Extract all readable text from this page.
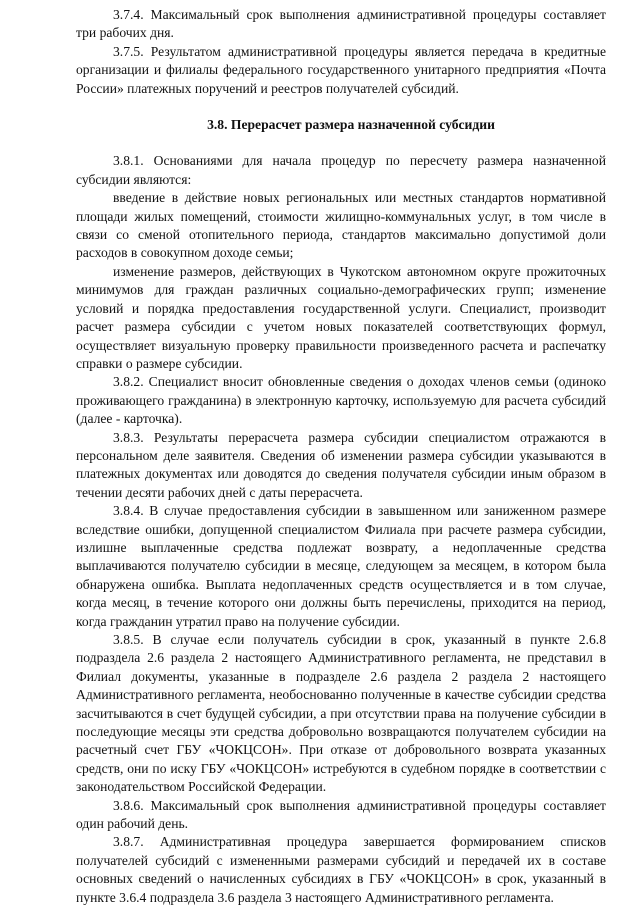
3.7.4. Максимальный срок выполнения административной процедуры составляет три рабочих дня.

3.7.5. Результатом административной процедуры является передача в кредитные организации и филиалы федерального государственного унитарного предприятия «Почта России» платежных поручений и реестров получателей субсидий.

3.8. Перерасчет размера назначенной субсидии

3.8.1. Основаниями для начала процедур по пересчету размера назначенной субсидии являются:

введение в действие новых региональных или местных стандартов нормативной площади жилых помещений, стоимости жилищно-коммунальных услуг, в том числе в связи со сменой отопительного периода, стандартов максимально допустимой доли расходов в совокупном доходе семьи;

изменение размеров, действующих в Чукотском автономном округе прожиточных минимумов для граждан различных социально-демографических групп; изменение условий и порядка предоставления государственной услуги. Специалист, производит расчет размера субсидии с учетом новых показателей соответствующих формул, осуществляет визуальную проверку правильности произведенного расчета и распечатку справки о размере субсидии.

3.8.2. Специалист вносит обновленные сведения о доходах членов семьи (одиноко проживающего гражданина) в электронную карточку, используемую для расчета субсидий (далее - карточка).

3.8.3. Результаты перерасчета размера субсидии специалистом отражаются в персональном деле заявителя. Сведения об изменении размера субсидии указываются в платежных документах или доводятся до сведения получателя субсидии иным образом в течении десяти рабочих дней с даты перерасчета.

3.8.4. В случае предоставления субсидии в завышенном или заниженном размере вследствие ошибки, допущенной специалистом Филиала при расчете размера субсидии, излишне выплаченные средства подлежат возврату, а недоплаченные средства выплачиваются получателю субсидии в месяце, следующем за месяцем, в котором была обнаружена ошибка. Выплата недоплаченных средств осуществляется и в том случае, когда месяц, в течение которого они должны быть перечислены, приходится на период, когда гражданин утратил право на получение субсидии.

3.8.5. В случае если получатель субсидии в срок, указанный в пункте 2.6.8 подраздела 2.6 раздела 2 настоящего Административного регламента, не представил в Филиал документы, указанные в подразделе 2.6 раздела 2 раздела 2 настоящего Административного регламента, необоснованно полученные в качестве субсидии средства засчитываются в счет будущей субсидии, а при отсутствии права на получение субсидии в последующие месяцы эти средства добровольно возвращаются получателем субсидии на расчетный счет ГБУ «ЧОКЦСОН». При отказе от добровольного возврата указанных средств, они по иску ГБУ «ЧОКЦСОН» истребуются в судебном порядке в соответствии с законодательством Российской Федерации.

3.8.6. Максимальный срок выполнения административной процедуры составляет один рабочий день.

3.8.7. Административная процедура завершается формированием списков получателей субсидий с измененными размерами субсидий и передачей их в составе основных сведений о начисленных субсидиях в ГБУ «ЧОКЦСОН» в срок, указанный в пункте 3.6.4 подраздела 3.6 раздела 3 настоящего Административного регламента.
